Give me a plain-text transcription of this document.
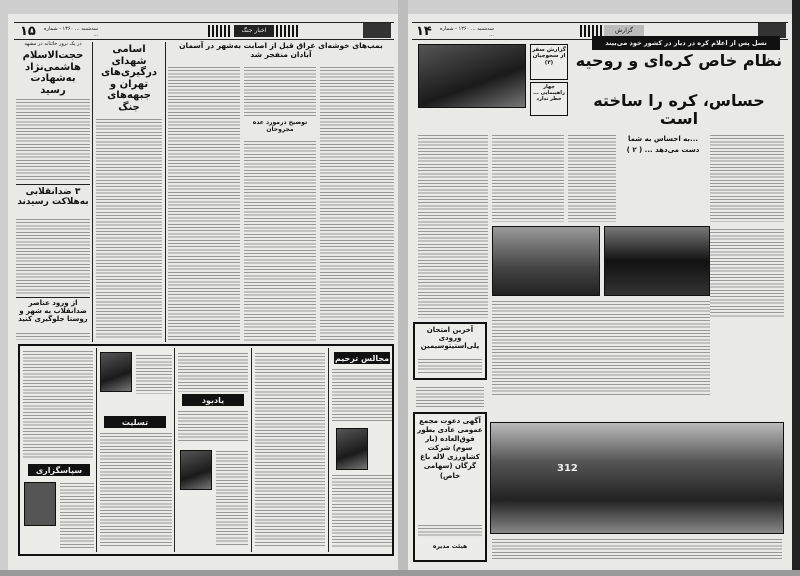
۱۵	سه‌شنبه ... ۱۳۶۰ - شماره ...
اخبار جنگ
در یک ترور خائنانه در مشهد
حجت‌الاسلام هاشمی‌نژاد به‌شهادت رسید
۳ ضدانقلابی به‌هلاکت رسیدند
از ورود عناصر ضدانقلاب به شهر و روستا جلوگیری کنید
اسامی شهدای درگیری‌های تهران و جبهه‌های جنگ
بمب‌های خوشه‌ای عراق قبل از اصابت به‌شهر در آسمان آبادان منفجر شد
توضیح درمورد عده مجروحان
سپاسگزاری
تسلیت
یادبود
مجالس ترحیم
۱۴	سه‌شنبه ... ۱۳۶۰ - شماره ...
گزارش
گزارش سفر از سحوجیان (۳)
چهار راهپیمایی ... خطر ندارد
نسل پس از اعلام کره در دیار در کشور خود می‌بیند
نظام خاص کره‌ای و روحیه
حساس، کره را ساخته است
...به احساس به شما دست می‌دهد ... ( ۲ )
آخرین امتحان ورودی پلی‌استیتوسیمین
آگهی دعوت مجمع عمومی عادی بطور فوق‌العاده (بار سوم) شرکت کشاورزی لاله باغ گرگان (سهامی خاص)
هیئت مدیره
312
